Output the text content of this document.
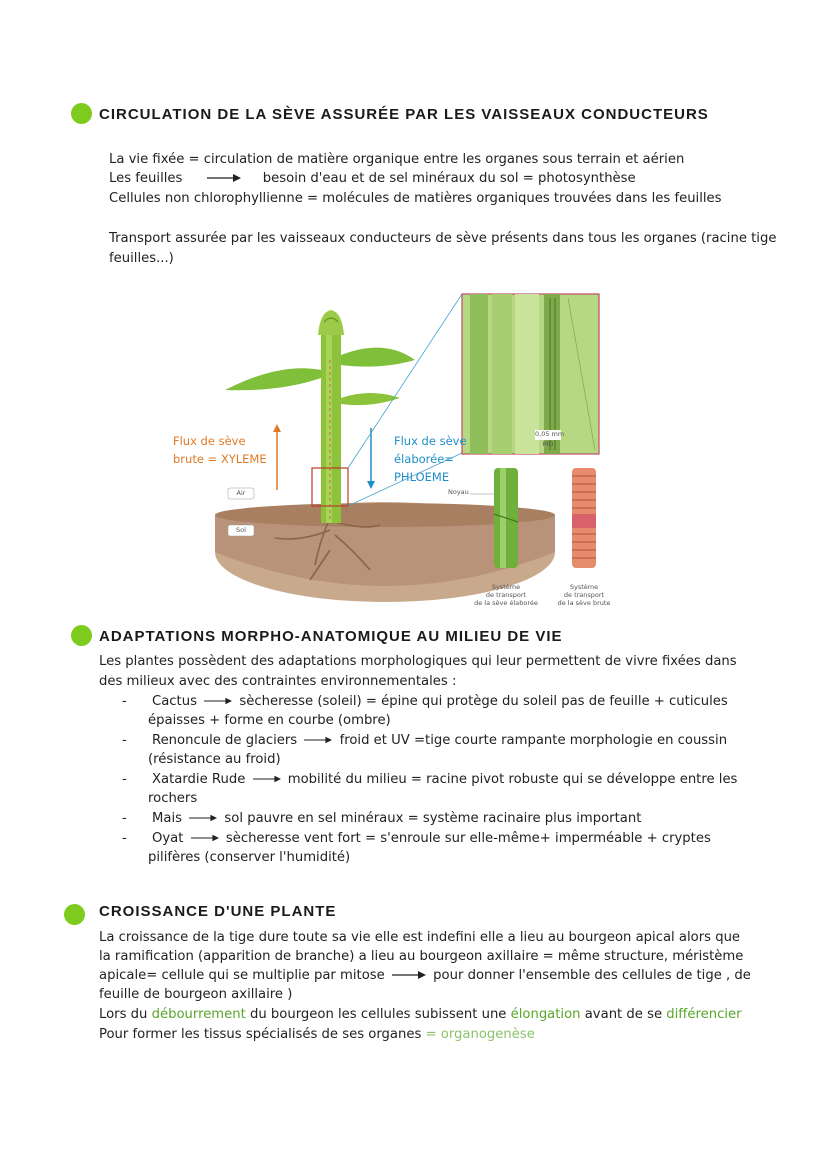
CIRCULATION DE LA SÈVE ASSURÉE PAR LES VAISSEAUX CONDUCTEURS
La vie fixée = circulation de matière organique entre les organes sous terrain et aérien
Les feuilles	besoin d'eau et de sel minéraux du sol = photosynthèse
Cellules non chlorophyllienne = molécules de matières organiques trouvées dans les feuilles
Transport assurée par les vaisseaux conducteurs de sève présents dans tous les organes (racine tige
feuilles...)
Flux de sève
brute = XYLEME
Flux de sève
élaborée=
PHLOEME
Air
Sol
Noyau
0,05 mm
MO
Système
de transport
de la sève élaborée
Système
de transport
de la sève brute
ADAPTATIONS MORPHO-ANATOMIQUE AU MILIEU DE VIE
Les plantes possèdent des adaptations morphologiques qui leur permettent de vivre fixées dans
des milieux avec des contraintes environnementales :
- Cactus	sècheresse (soleil) = épine qui protège du soleil pas de feuille + cuticules
épaisses + forme en courbe (ombre)
- Renoncule de glaciers	froid et UV =tige courte rampante morphologie en coussin
(résistance au froid)
- Xatardie Rude	mobilité du milieu = racine pivot robuste qui se développe entre les
rochers
- Mais	sol pauvre en sel minéraux = système racinaire plus important
- Oyat	sècheresse vent fort = s'enroule sur elle-même+ imperméable + cryptes
pilifères (conserver l'humidité)
CROISSANCE D'UNE PLANTE
La croissance de la tige dure toute sa vie elle est indefini elle a lieu au bourgeon apical alors que
la ramification (apparition de branche) a lieu au bourgeon axillaire = même structure, méristème
apicale= cellule qui se multiplie par mitose	pour donner l'ensemble des cellules de tige , de
feuille de bourgeon axillaire )
Lors du débourrement du bourgeon les cellules subissent une élongation avant de se différencier
Pour former les tissus spécialisés de ses organes = organogenèse
